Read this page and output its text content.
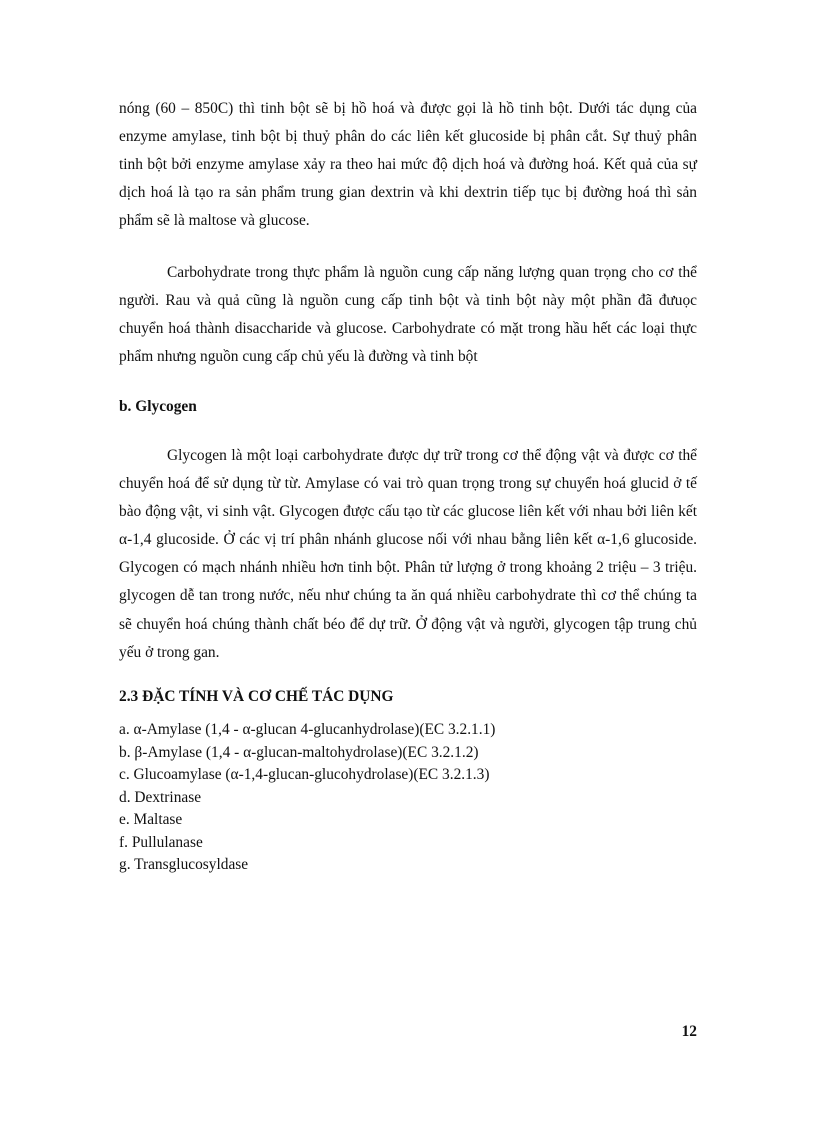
nóng (60 – 850C) thì tinh bột sẽ bị hồ hoá và được gọi là hồ tinh bột. Dưới tác dụng của enzyme amylase, tinh bột bị thuỷ phân do các liên kết glucoside bị phân cắt. Sự thuỷ phân tinh bột bởi enzyme amylase xảy ra theo hai mức độ dịch hoá và đường hoá. Kết quả của sự dịch hoá là tạo ra sản phẩm trung gian dextrin và khi dextrin tiếp tục bị đường hoá thì sản phẩm sẽ là maltose và glucose.

Carbohydrate trong thực phẩm là nguồn cung cấp năng lượng quan trọng cho cơ thể người. Rau và quả cũng là nguồn cung cấp tinh bột và tinh bột này một phần đã đưuọc chuyển hoá thành disaccharide và glucose. Carbohydrate có mặt trong hầu hết các loại thực phẩm nhưng nguồn cung cấp chủ yếu là đường và tinh bột

b. Glycogen

Glycogen là một loại carbohydrate được dự trữ trong cơ thể động vật và được cơ thể chuyển hoá để sử dụng từ từ. Amylase có vai trò quan trọng trong sự chuyển hoá glucid ở tế bào động vật, vi sinh vật. Glycogen được cấu tạo từ các glucose liên kết với nhau bởi liên kết α-1,4 glucoside. Ở các vị trí phân nhánh glucose nối với nhau bằng liên kết α-1,6 glucoside. Glycogen có mạch nhánh nhiều hơn tinh bột. Phân tử lượng ở trong khoảng 2 triệu – 3 triệu. glycogen dễ tan trong nước, nếu như chúng ta ăn quá nhiều carbohydrate thì cơ thể chúng ta sẽ chuyển hoá chúng thành chất béo để dự trữ. Ở động vật và người, glycogen tập trung chủ yếu ở trong gan.

2.3 ĐẶC TÍNH VÀ CƠ CHẾ TÁC DỤNG
a. α-Amylase (1,4 - α-glucan 4-glucanhydrolase)(EC 3.2.1.1)
b. β-Amylase (1,4 - α-glucan-maltohydrolase)(EC 3.2.1.2)
c. Glucoamylase (α-1,4-glucan-glucohydrolase)(EC 3.2.1.3)
d. Dextrinase
e. Maltase
f. Pullulanase
g. Transglucosyldase
12
